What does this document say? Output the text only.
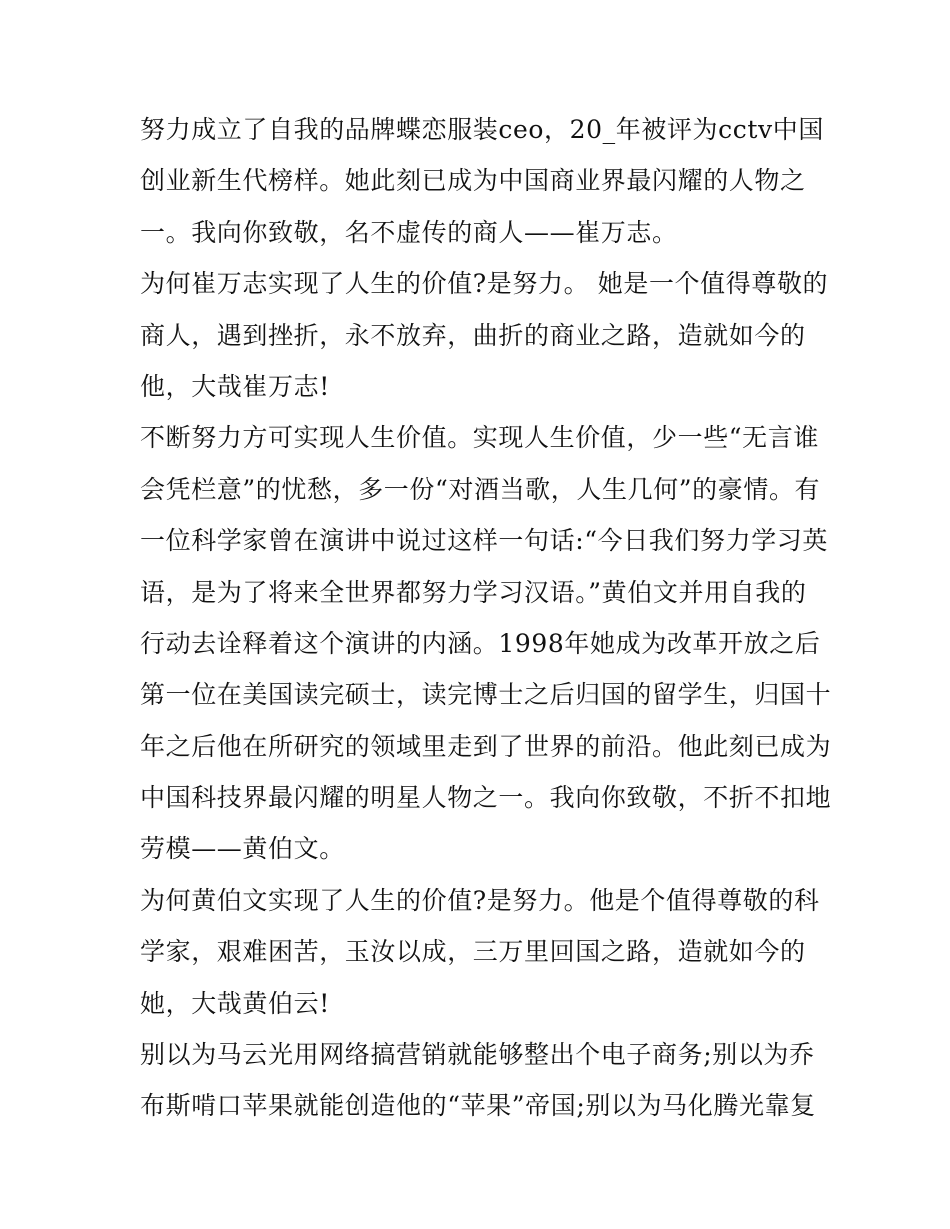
努力成立了自我的品牌蝶恋服装ceo，20_年被评为cctv中国
创业新生代榜样。她此刻已成为中国商业界最闪耀的人物之
一。我向你致敬，名不虚传的商人——崔万志。
为何崔万志实现了人生的价值?是努力。 她是一个值得尊敬的
商人，遇到挫折，永不放弃，曲折的商业之路，造就如今的
他，大哉崔万志!
不断努力方可实现人生价值。实现人生价值，少一些“无言谁
会凭栏意”的忧愁，多一份“对酒当歌，人生几何”的豪情。有
一位科学家曾在演讲中说过这样一句话:“今日我们努力学习英
语，是为了将来全世界都努力学习汉语。”黄伯文并用自我的
行动去诠释着这个演讲的内涵。1998年她成为改革开放之后
第一位在美国读完硕士，读完博士之后归国的留学生，归国十
年之后他在所研究的领域里走到了世界的前沿。他此刻已成为
中国科技界最闪耀的明星人物之一。我向你致敬，不折不扣地
劳模——黄伯文。
为何黄伯文实现了人生的价值?是努力。他是个值得尊敬的科
学家，艰难困苦，玉汝以成，三万里回国之路，造就如今的
她，大哉黄伯云!
别以为马云光用网络搞营销就能够整出个电子商务;别以为乔
布斯啃口苹果就能创造他的“苹果”帝国;别以为马化腾光靠复
